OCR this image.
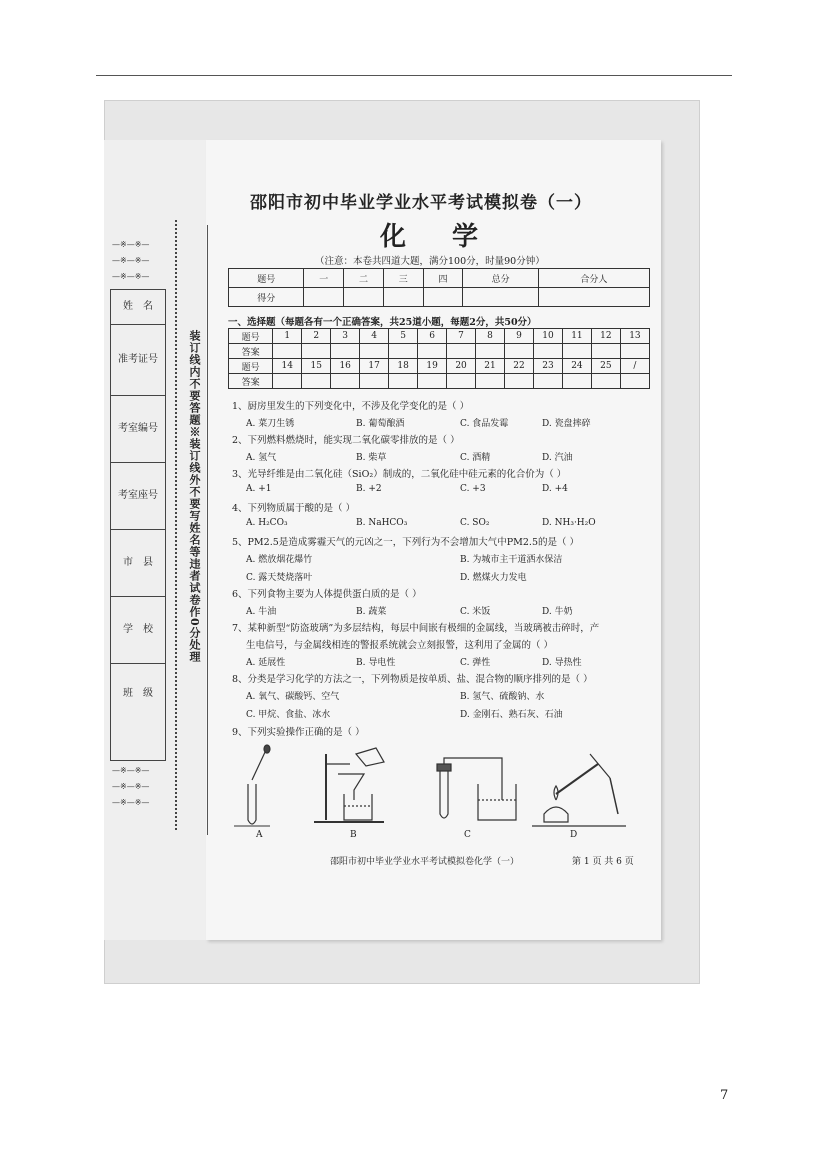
—※—※—
—※—※—
—※—※—
姓　名
准考证号
考室编号
考室座号
市　县
学　校
班　级
—※—※—
—※—※—
—※—※—
装订线内不要答题※装订线外不要写姓名等违者试卷作0分处理
邵阳市初中毕业学业水平考试模拟卷（一）
化学
（注意：本卷共四道大题，满分100分，时量90分钟）
题号	一	二	三	四	总分	合分人
得分						
一、选择题（每题各有一个正确答案，共25道小题，每题2分，共50分）
题号	1	2	3	4	5	6	7	8	9	10	11	12	13
答案													
题号	14	15	16	17	18	19	20	21	22	23	24	25	/
答案													
1、厨房里发生的下列变化中，不涉及化学变化的是（ ）
A. 菜刀生锈	B. 葡萄酿酒	C. 食品发霉	D. 瓷盘摔碎
2、下列燃料燃烧时，能实现二氧化碳零排放的是（ ）
A. 氢气	B. 柴草	C. 酒精	D. 汽油
3、光导纤维是由二氧化硅（SiO₂）制成的，二氧化硅中硅元素的化合价为（ ）
A. +1	B. +2	C. +3	D. +4
4、下列物质属于酸的是（ ）
A. H₂CO₃	B. NaHCO₃	C. SO₂	D. NH₃·H₂O
5、PM2.5是造成雾霾天气的元凶之一，下列行为不会增加大气中PM2.5的是（ ）
A. 燃放烟花爆竹	B. 为城市主干道洒水保洁
C. 露天焚烧落叶	D. 燃煤火力发电
6、下列食物主要为人体提供蛋白质的是（ ）
A. 牛油	B. 蔬菜	C. 米饭	D. 牛奶
7、某种新型“防盗玻璃”为多层结构，每层中间嵌有极细的金属线，当玻璃被击碎时，产
生电信号，与金属线相连的警报系统就会立刻报警，这利用了金属的（ ）
A. 延展性	B. 导电性	C. 弹性	D. 导热性
8、分类是学习化学的方法之一，下列物质是按单质、盐、混合物的顺序排列的是（ ）
A. 氧气、碳酸钙、空气	B. 氢气、硫酸钠、水
C. 甲烷、食盐、冰水	D. 金刚石、熟石灰、石油
9、下列实验操作正确的是（ ）
A	B	C	D
邵阳市初中毕业学业水平考试模拟卷化学（一）	第 1 页 共 6 页
7
